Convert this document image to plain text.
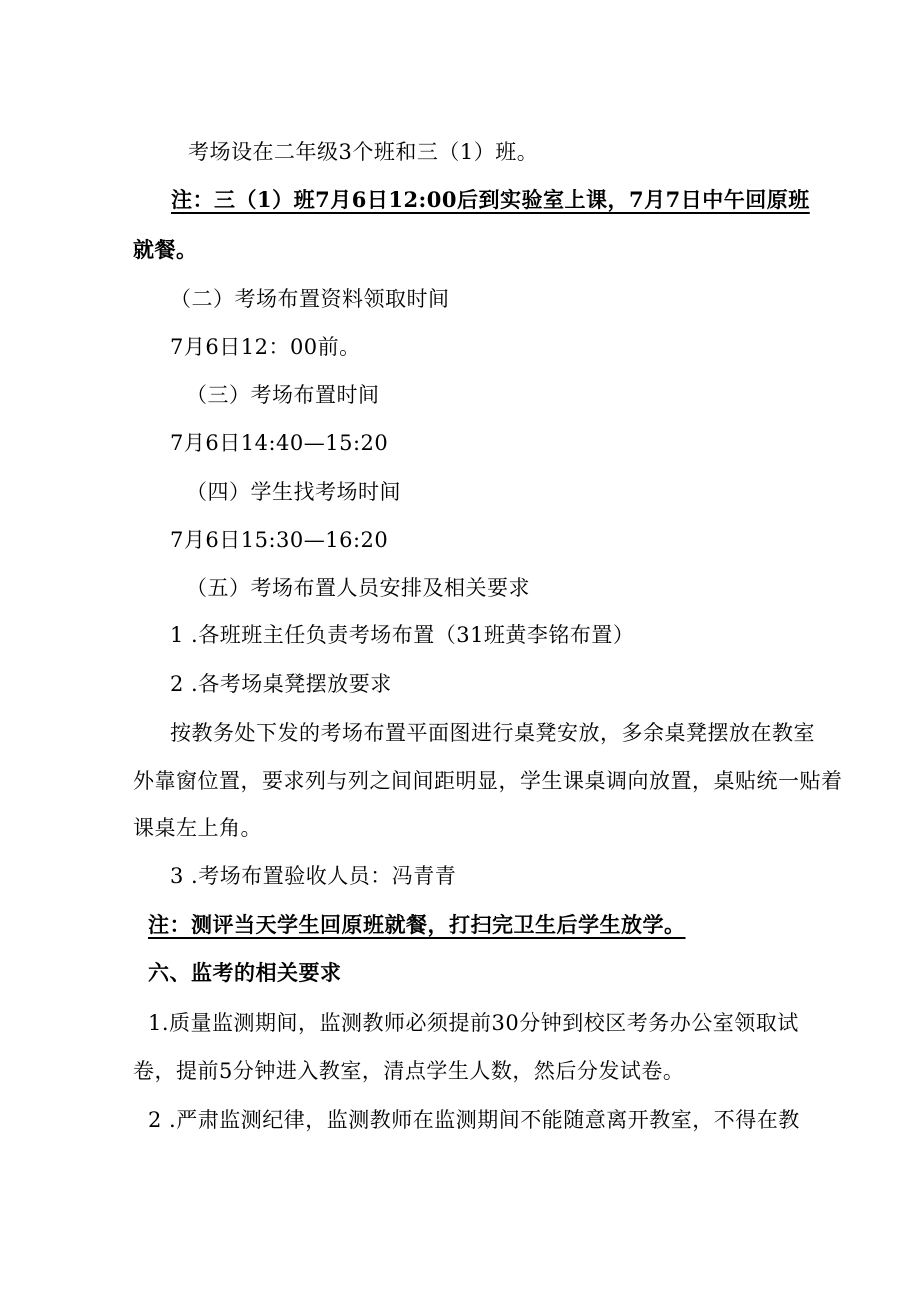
考场设在二年级3个班和三（1）班。

注：三（1）班7月6日12:00后到实验室上课，7月7日中午回原班

就餐。

（二）考场布置资料领取时间

7月6日12：00前。

（三）考场布置时间

7月6日14:40—15:20

（四）学生找考场时间

7月6日15:30—16:20

（五）考场布置人员安排及相关要求

1 .各班班主任负责考场布置（31班黄李铭布置）

2 .各考场桌凳摆放要求

按教务处下发的考场布置平面图进行桌凳安放，多余桌凳摆放在教室

外靠窗位置，要求列与列之间间距明显，学生课桌调向放置，桌贴统一贴着

课桌左上角。

3 .考场布置验收人员：冯青青

注：测评当天学生回原班就餐，打扫完卫生后学生放学。

六、监考的相关要求

1.质量监测期间，监测教师必须提前30分钟到校区考务办公室领取试

卷，提前5分钟进入教室，清点学生人数，然后分发试卷。

2 .严肃监测纪律，监测教师在监测期间不能随意离开教室，不得在教
